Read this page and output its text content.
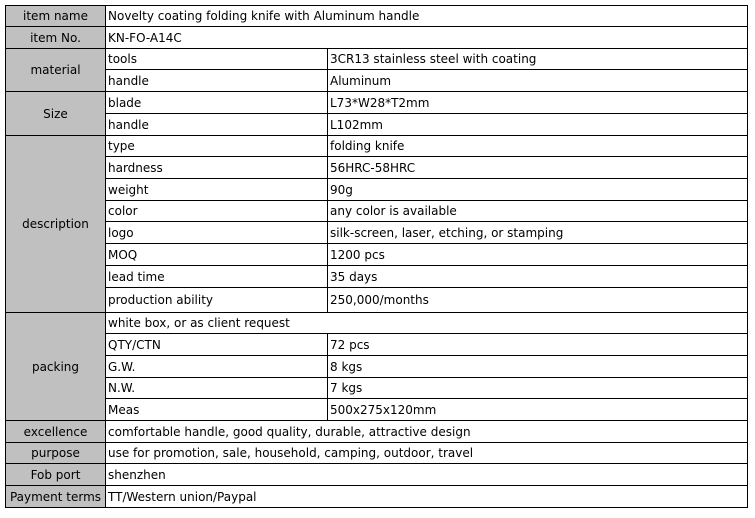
item name	Novelty coating folding knife with Aluminum handle	
item No.	KN-FO-A14C	
material	tools	3CR13 stainless steel with coating
	handle	Aluminum
Size	blade	L73*W28*T2mm
	handle	L102mm
description	type	folding knife
	hardness	56HRC-58HRC
	weight	90g
	color	any color is available
	logo	silk-screen, laser, etching, or stamping
	MOQ	1200 pcs
	lead time	35 days
	production ability	250,000/months
packing	white box, or as client request	
	QTY/CTN	72 pcs
	G.W.	8 kgs
	N.W.	7 kgs
	Meas	500x275x120mm
excellence	comfortable handle, good quality, durable, attractive design	
purpose	use for promotion, sale, household, camping, outdoor, travel	
Fob port	shenzhen	
Payment terms	TT/Western union/Paypal	
